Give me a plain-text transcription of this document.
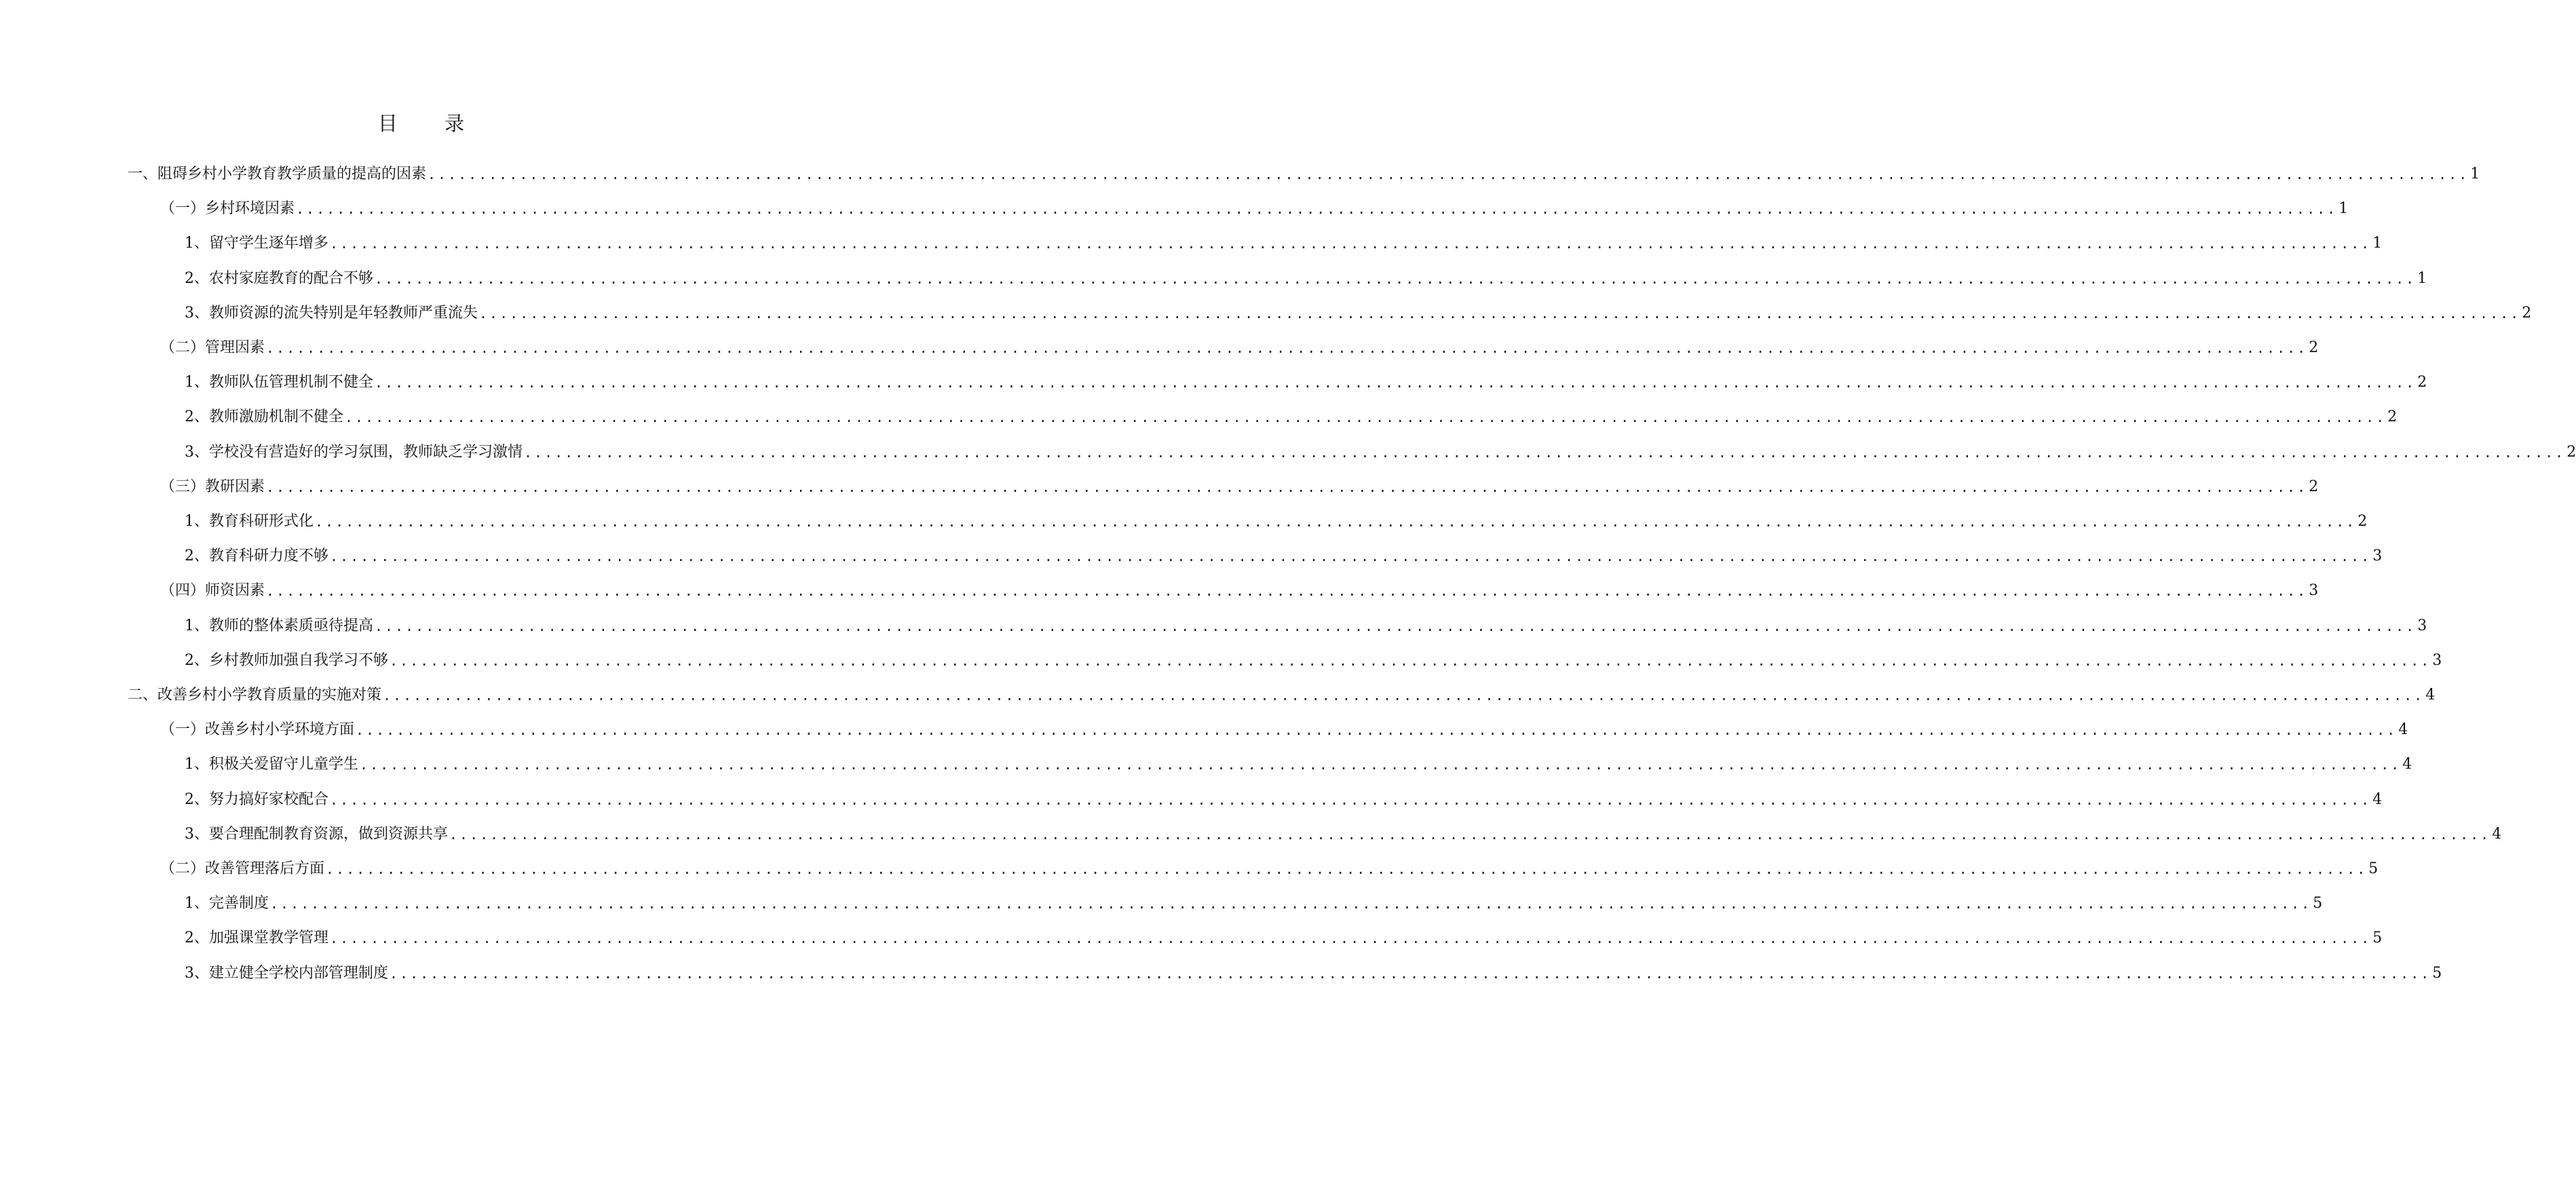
目 录
一、阻碍乡村小学教育教学质量的提高的因素 ........................................................................................................................................................................................................ 1
（一）乡村环境因素 ........................................................................................................................................................................................................ 1
1、留守学生逐年增多 ........................................................................................................................................................................................................ 1
2、农村家庭教育的配合不够 ........................................................................................................................................................................................................ 1
3、教师资源的流失特别是年轻教师严重流失 ........................................................................................................................................................................................................ 2
（二）管理因素 ........................................................................................................................................................................................................ 2
1、教师队伍管理机制不健全 ........................................................................................................................................................................................................ 2
2、教师激励机制不健全 ........................................................................................................................................................................................................ 2
3、学校没有营造好的学习氛围，教师缺乏学习激情 ........................................................................................................................................................................................................ 2
（三）教研因素 ........................................................................................................................................................................................................ 2
1、教育科研形式化 ........................................................................................................................................................................................................ 2
2、教育科研力度不够 ........................................................................................................................................................................................................ 3
（四）师资因素 ........................................................................................................................................................................................................ 3
1、教师的整体素质亟待提高 ........................................................................................................................................................................................................ 3
2、乡村教师加强自我学习不够 ........................................................................................................................................................................................................ 3
二、改善乡村小学教育质量的实施对策 ........................................................................................................................................................................................................ 4
（一）改善乡村小学环境方面 ........................................................................................................................................................................................................ 4
1、积极关爱留守儿童学生 ........................................................................................................................................................................................................ 4
2、努力搞好家校配合 ........................................................................................................................................................................................................ 4
3、要合理配制教育资源，做到资源共享 ........................................................................................................................................................................................................ 4
（二）改善管理落后方面 ........................................................................................................................................................................................................ 5
1、完善制度 ........................................................................................................................................................................................................ 5
2、加强课堂教学管理 ........................................................................................................................................................................................................ 5
3、建立健全学校内部管理制度 ........................................................................................................................................................................................................ 5
